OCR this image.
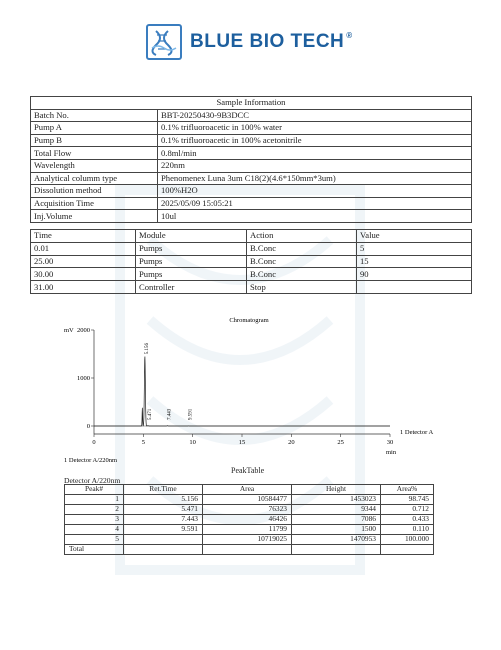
BLUE BIO TECH ®
Sample Information	
Batch No.	BBT-20250430-9B3DCC
Pump A	0.1% trifluoroacetic in 100% water
Pump B	0.1% trifluoroacetic in 100% acetonitrile
Total Flow	0.8ml/min
Wavelength	220nm
Analytical columm type	Phenomenex Luna 3um C18(2)(4.6*150mm*3um)
Dissolution method	100%H2O
Acquisition Time	2025/05/09 15:05:21
Inj.Volume	10ul
Time	Module	Action	Value
0.01	Pumps	B.Conc	5
25.00	Pumps	B.Conc	15
30.00	Pumps	B.Conc	90
31.00	Controller	Stop	
Chromatogram
mV
min
1 Detector A
1 Detector A/220nm
0	5	10	15	20	25	30
0
1000
2000
5.156
5.471	7.443	9.591
PeakTable
Detector A/220nm
Peak#	Ret.Time	Area	Height	Area%
1	5.156	10584477	1453023	98.745
2	5.471	76323	9344	0.712
3	7.443	46426	7086	0.433
4	9.591	11799	1500	0.110
5		10719025	1470953	100.000
Total				
